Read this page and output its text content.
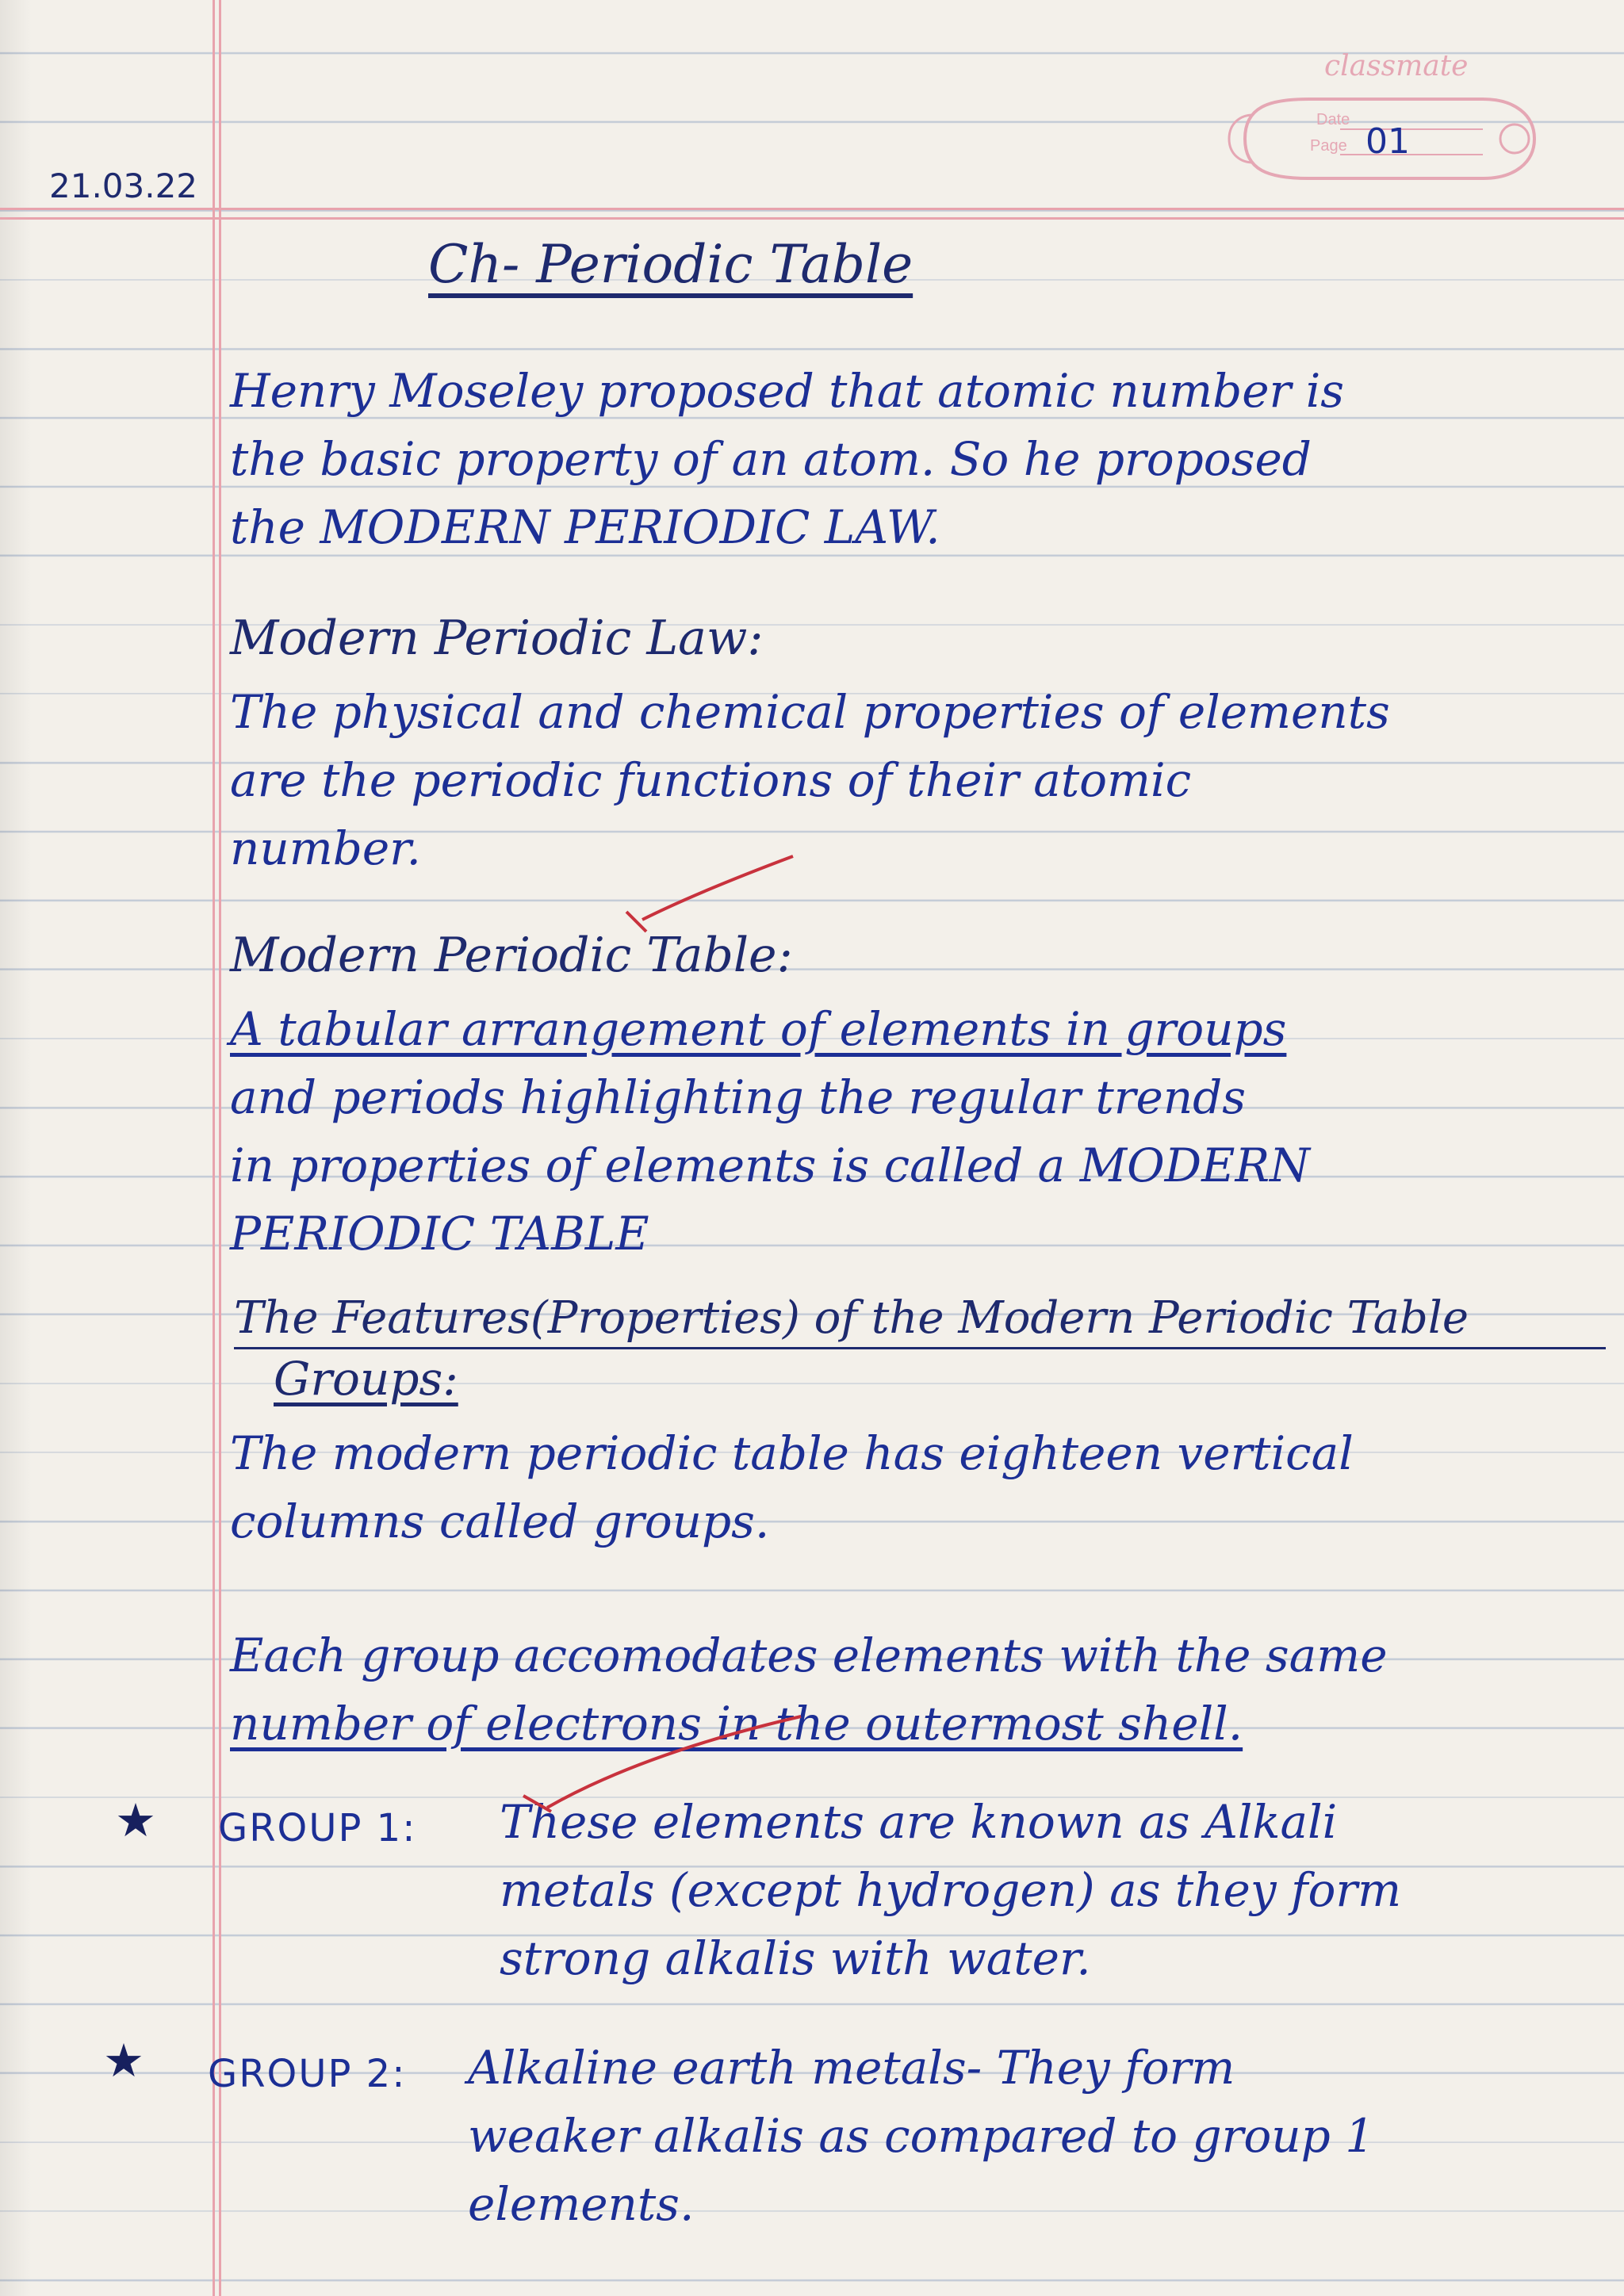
classmate
Date
Page 01
21.03.22
Ch- Periodic Table
Henry Moseley proposed that atomic number is
the basic property of an atom. So he proposed
the MODERN PERIODIC LAW.
Modern Periodic Law:
The physical and chemical properties of elements
are the periodic functions of their atomic
number.
Modern Periodic Table:
A tabular arrangement of elements in groups
and periods highlighting the regular trends
in properties of elements is called a MODERN
PERIODIC TABLE
The Features(Properties) of the Modern Periodic Table
Groups:
The modern periodic table has eighteen vertical
columns called groups.
Each group accomodates elements with the same
number of electrons in the outermost shell.
★ GROUP 1: These elements are known as Alkali
metals (except hydrogen) as they form
strong alkalis with water.
★ GROUP 2: Alkaline earth metals- They form
weaker alkalis as compared to group 1
elements.
